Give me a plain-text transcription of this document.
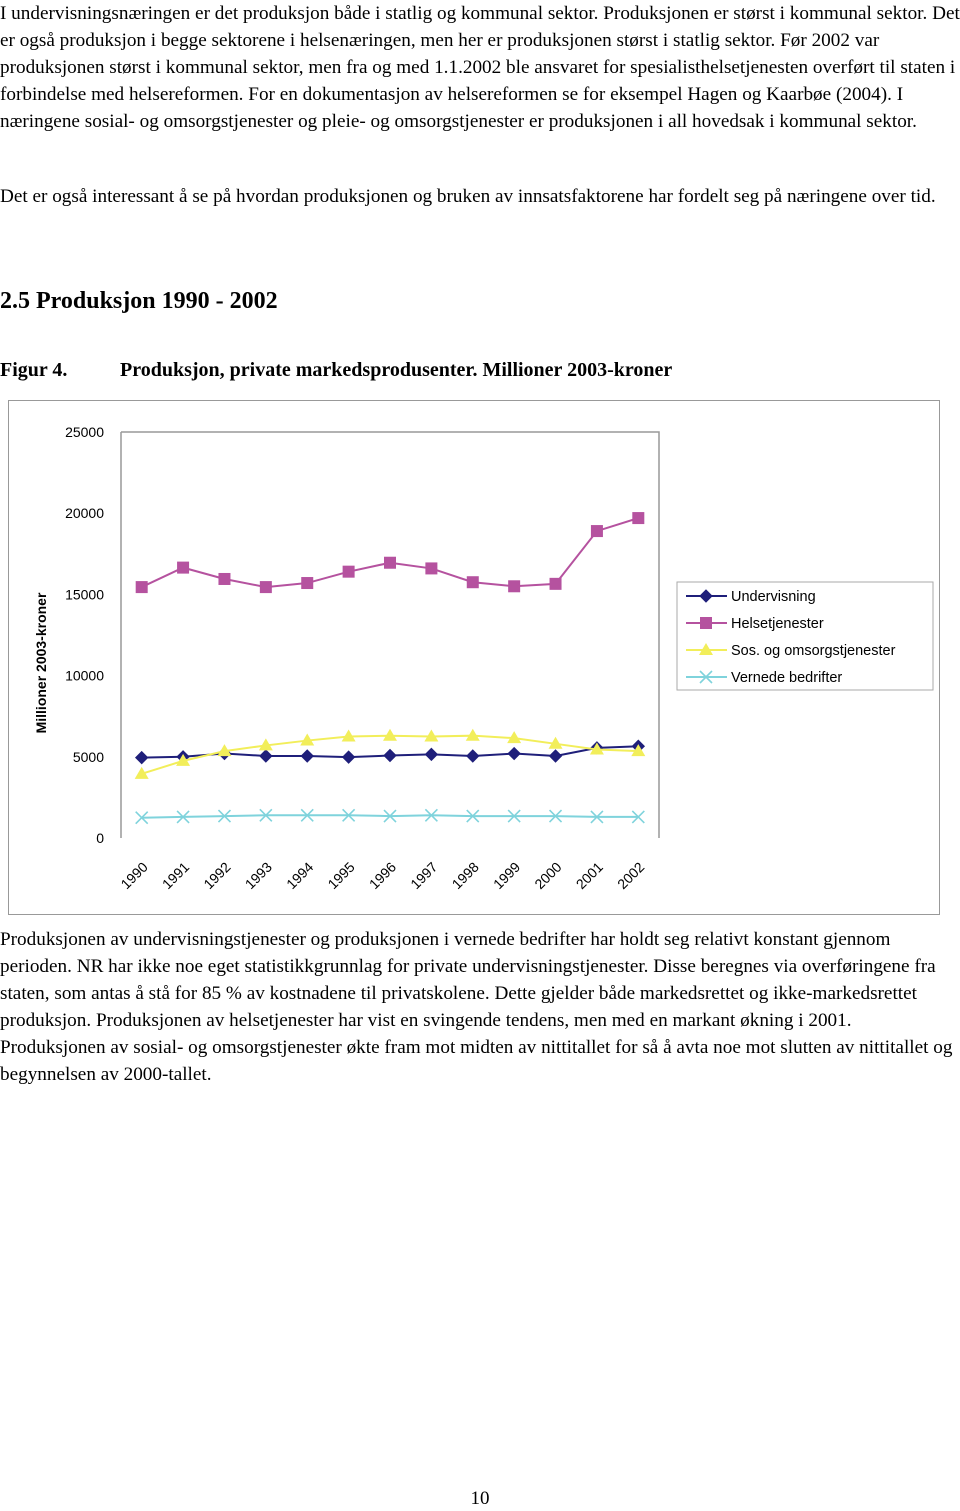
I undervisningsnæringen er det produksjon både i statlig og kommunal sektor. Produksjonen er størst i kommunal sektor. Det er også produksjon i begge sektorene i helsenæringen, men her er produksjonen størst i statlig sektor. Før 2002 var produksjonen størst i kommunal sektor, men fra og med 1.1.2002 ble ansvaret for spesialisthelsetjenesten overført til staten i forbindelse med helsereformen. For en dokumentasjon av helsereformen se for eksempel Hagen og Kaarbøe (2004). I næringene sosial- og omsorgstjenester og pleie- og omsorgstjenester er produksjonen i all hovedsak i kommunal sektor.

Det er også interessant å se på hvordan produksjonen og bruken av innsatsfaktorene har fordelt seg på næringene over tid.

2.5 Produksjon 1990 - 2002
Figur 4.	Produksjon, private markedsprodusenter. Millioner 2003-kroner
0
5000
10000
15000
20000
25000
Millioner 2003-kroner
1990 1991 1992 1993 1994 1995 1996 1997 1998 1999 2000 2001 2002
Undervisning
Helsetjenester
Sos. og omsorgstjenester
Vernede bedrifter

Produksjonen av undervisningstjenester og produksjonen i vernede bedrifter har holdt seg relativt konstant gjennom perioden. NR har ikke noe eget statistikkgrunnlag for private undervisningstjenester. Disse beregnes via overføringene fra staten, som antas å stå for 85 % av kostnadene til privatskolene. Dette gjelder både markedsrettet og ikke-markedsrettet produksjon. Produksjonen av helsetjenester har vist en svingende tendens, men med en markant økning i 2001. Produksjonen av sosial- og omsorgstjenester økte fram mot midten av nittitallet for så å avta noe mot slutten av nittitallet og begynnelsen av 2000-tallet.

10
